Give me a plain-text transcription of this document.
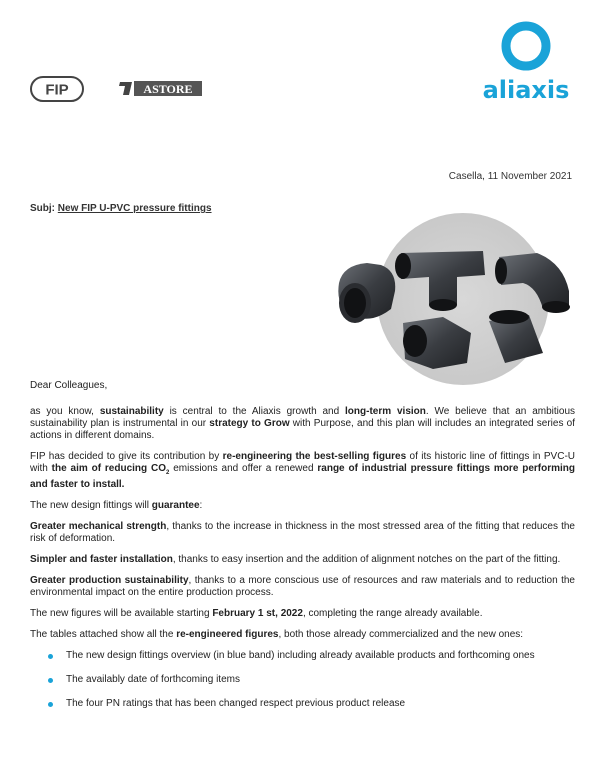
FIP	ASTORE	aliaxis
Casella, 11 November 2021
Subj: New FIP U-PVC pressure fittings

Dear Colleagues,

as you know, sustainability is central to the Aliaxis growth and long-term vision. We believe that an ambitious sustainability plan is instrumental in our strategy to Grow with Purpose, and this plan will includes an integrated series of actions in different domains.

FIP has decided to give its contribution by re-engineering the best-selling figures of its historic line of fittings in PVC-U with the aim of reducing $CO_2$ emissions and offer a renewed range of industrial pressure fittings more performing and faster to install.

The new design fittings will guarantee:

Greater mechanical strength, thanks to the increase in thickness in the most stressed area of the fitting that reduces the risk of deformation.

Simpler and faster installation, thanks to easy insertion and the addition of alignment notches on the part of the fitting.

Greater production sustainability, thanks to a more conscious use of resources and raw materials and to reduction the environmental impact on the entire production process.

The new figures will be available starting February 1 st, 2022, completing the range already available.

The tables attached show all the re-engineered figures, both those already commercialized and the new ones:

The new design fittings overview (in blue band) including already available products and forthcoming ones
The availably date of forthcoming items
The four PN ratings that has been changed respect previous product release
